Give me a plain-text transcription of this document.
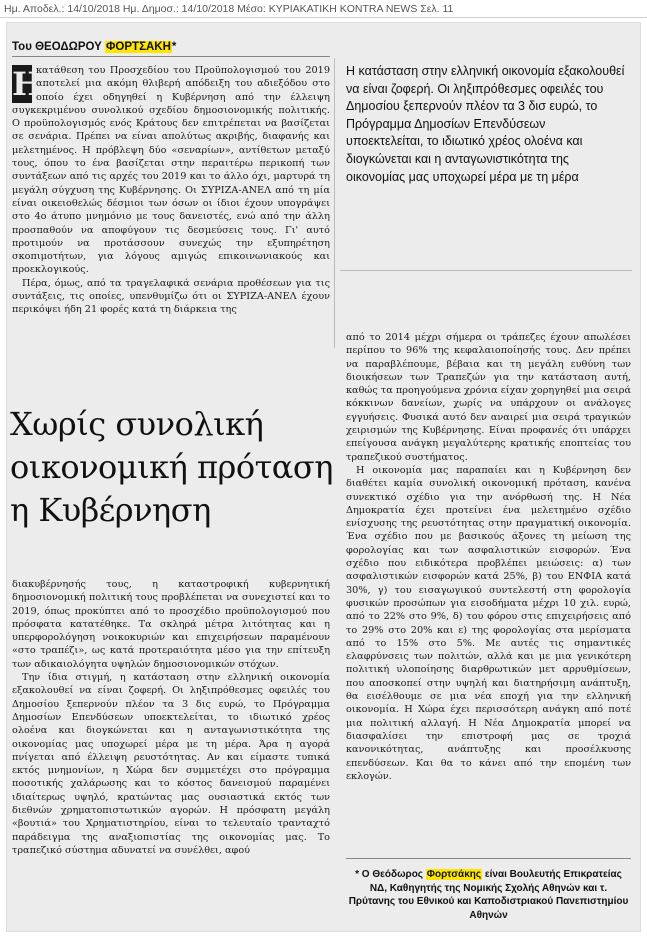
Ημ. Αποδελ.: 14/10/2018 Ημ. Δημοσ.: 14/10/2018 Μέσο: ΚΥΡΙΑΚΑΤΙΚΗ KONTRA NEWS Σελ. 11
Του ΘΕΟΔΩΡΟΥ ΦΟΡΤΣΑΚΗ*

Η
κατάθεση του Προσχεδίου του Προϋπολογισμού του 2019 αποτελεί μια ακόμη θλιβερή απόδειξη του αδιεξόδου στο οποίο έχει οδηγηθεί η Κυβέρνηση από την έλλειψη συγκεκριμένου συνολικού σχεδίου δημοσιονομικής πολιτικής. Ο προϋπολογισμός ενός Κράτους δεν επιτρέπεται να βασίζεται σε σενάρια. Πρέπει να είναι απολύτως ακριβής, διαφανής και μελετημένος. Η πρόβλεψη δύο «σεναρίων», αντίθετων μεταξύ τους, όπου το ένα βασίζεται στην περαιτέρω περικοπή των συντάξεων από τις αρχές του 2019 και το άλλο όχι, μαρτυρά τη μεγάλη σύγχυση της Κυβέρνησης. Οι ΣΥΡΙΖΑ-ΑΝΕΛ από τη μία είναι οικειοθελώς δέσμιοι των όσων οι ίδιοι έχουν υπογράψει στο 4ο άτυπο μνημόνιο με τους δανειστές, ενώ από την άλλη προσπαθούν να αποφύγουν τις δεσμεύσεις τους. Γι' αυτό προτιμούν να προτάσσουν συνεχώς την εξυπηρέτηση σκοπιμοτήτων, για λόγους αμιγώς επικοινωνιακούς και προεκλογικούς.

Πέρα, όμως, από τα τραγελαφικά σενάρια προθέσεων για τις συντάξεις, τις οποίες, υπενθυμίζω ότι οι ΣΥΡΙΖΑ-ΑΝΕΛ έχουν περικόψει ήδη 21 φορές κατά τη διάρκεια της

Χωρίς συνολική οικονομική πρόταση η Κυβέρνηση

διακυβέρνησής τους, η καταστροφική κυβερνητική δημοσιονομική πολιτική τους προβλέπεται να συνεχιστεί και το 2019, όπως προκύπτει από το προσχέδιο προϋπολογισμού που πρόσφατα κατατέθηκε. Τα σκληρά μέτρα λιτότητας και η υπερφορολόγηση νοικοκυριών και επιχειρήσεων παραμένουν «στο τραπέζι», ως κατά προτεραιότητα μέσο για την επίτευξη των αδικαιολόγητα υψηλών δημοσιονομικών στόχων.

Την ίδια στιγμή, η κατάσταση στην ελληνική οικονομία εξακολουθεί να είναι ζοφερή. Οι ληξιπρόθεσμες οφειλές του Δημοσίου ξεπερνούν πλέον τα 3 δις ευρώ, το Πρόγραμμα Δημοσίων Επενδύσεων υποεκτελείται, το ιδιωτικό χρέος ολοένα και διογκώνεται και η ανταγωνιστικότητα της οικονομίας μας υποχωρεί μέρα με τη μέρα. Άρα η αγορά πνίγεται από έλλειψη ρευστότητας. Αν και είμαστε τυπικά εκτός μνημονίων, η Χώρα δεν συμμετέχει στο πρόγραμμα ποσοτικής χαλάρωσης και το κόστος δανεισμού παραμένει ιδιαίτερως υψηλό, κρατώντας μας ουσιαστικά εκτός των διεθνών χρηματοπιστωτικών αγορών. Η πρόσφατη μεγάλη «βουτιά» του Χρηματιστηρίου, είναι το τελευταίο τρανταχτό παράδειγμα της αναξιοπιστίας της οικονομίας μας. Το τραπεζικό σύστημα αδυνατεί να συνέλθει, αφού

Η κατάσταση στην ελληνική οικονομία εξακολουθεί να είναι ζοφερή. Οι ληξιπρόθεσμες οφειλές του Δημοσίου ξεπερνούν πλέον τα 3 δισ ευρώ, το Πρόγραμμα Δημοσίων Επενδύσεων υποεκτελείται, το ιδιωτικό χρέος ολοένα και διογκώνεται και η ανταγωνιστικότητα της οικονομίας μας υποχωρεί μέρα με τη μέρα

από το 2014 μέχρι σήμερα οι τράπεζες έχουν απωλέσει περίπου το 96% της κεφαλαιοποίησής τους. Δεν πρέπει να παραβλέπουμε, βέβαια και τη μεγάλη ευθύνη των διοικήσεων των Τραπεζών για την κατάσταση αυτή, καθώς τα προηγούμενα χρόνια είχαν χορηγηθεί μια σειρά κόκκινων δανείων, χωρίς να υπάρχουν οι ανάλογες εγγυήσεις. Φυσικά αυτό δεν αναιρεί μια σειρά τραγικών χειρισμών της Κυβέρνησης. Είναι προφανές ότι υπάρχει επείγουσα ανάγκη μεγαλύτερης κρατικής εποπτείας του τραπεζικού συστήματος.

Η οικονομία μας παραπαίει και η Κυβέρνηση δεν διαθέτει καμία συνολική οικονομική πρόταση, κανένα συνεκτικό σχέδιο για την ανόρθωσή της. Η Νέα Δημοκρατία έχει προτείνει ένα μελετημένο σχέδιο ενίσχυσης της ρευστότητας στην πραγματική οικονομία. Ένα σχέδιο που με βασικούς άξονες τη μείωση της φορολογίας και των ασφαλιστικών εισφορών. Ένα σχέδιο που ειδικότερα προβλέπει μειώσεις: α) των ασφαλιστικών εισφορών κατά 25%, β) του ΕΝΦΙΑ κατά 30%, γ) του εισαγωγικού συντελεστή στη φορολογία φυσικών προσώπων για εισοδήματα μέχρι 10 χιλ. ευρώ, από το 22% στο 9%, δ) του φόρου στις επιχειρήσεις από το 29% στο 20% και ε) της φορολογίας στα μερίσματα από το 15% στο 5%. Με αυτές τις σημαντικές ελαφρύνσεις των πολιτών, αλλά και με μια γενικότερη πολιτική υλοποίησης διαρθρωτικών μετ αρρυθμίσεων, που αποσκοπεί στην υψηλή και διατηρήσιμη ανάπτυξη, θα εισέλθουμε σε μια νέα εποχή για την ελληνική οικονομία. Η Χώρα έχει περισσότερη ανάγκη από ποτέ μια πολιτική αλλαγή. Η Νέα Δημοκρατία μπορεί να διασφαλίσει την επιστροφή μας σε τροχιά κανονικότητας, ανάπτυξης και προσέλκυσης επενδύσεων. Και θα το κάνει από την επομένη των εκλογών.

* Ο Θεόδωρος Φορτσάκης είναι Βουλευτής Επικρατείας ΝΔ, Καθηγητής της Νομικής Σχολής Αθηνών και τ. Πρύτανης του Εθνικού και Καποδιστριακού Πανεπιστημίου Αθηνών
